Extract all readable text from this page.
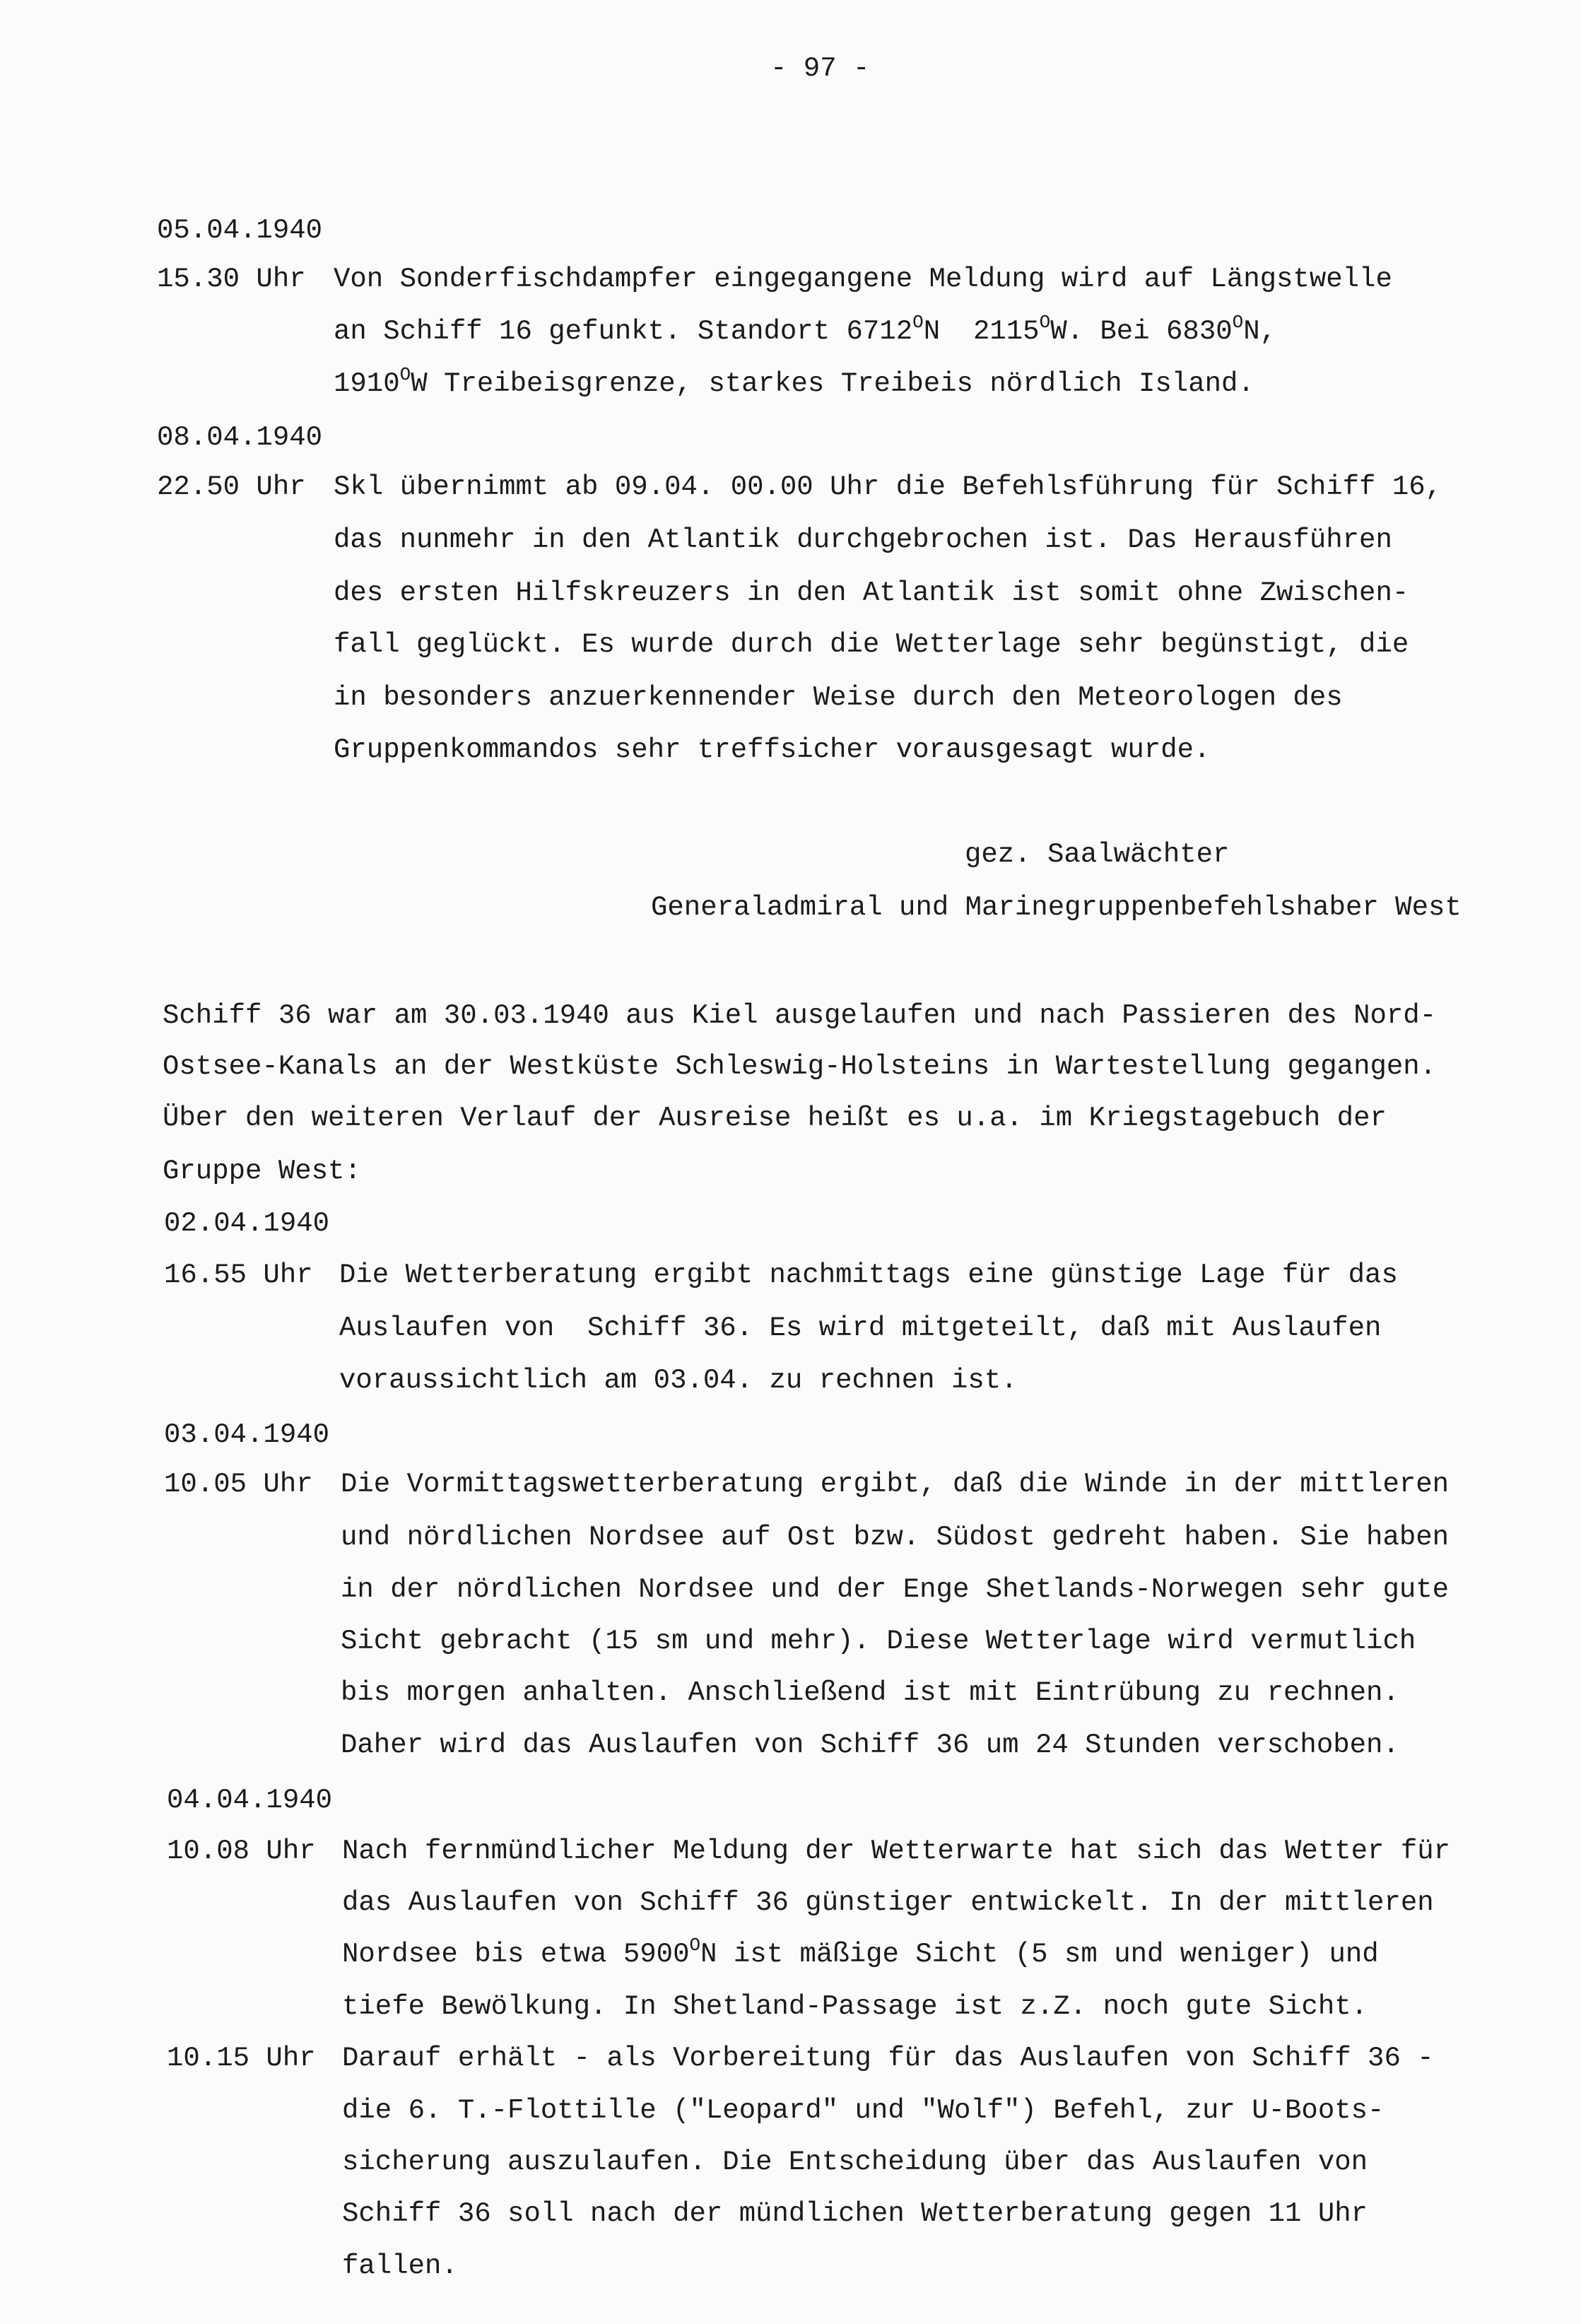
- 97 -
05.04.1940
15.30 Uhr Von Sonderfischdampfer eingegangene Meldung wird auf Längstwelle
an Schiff 16 gefunkt. Standort $6712^ON$  $2115^OW$. Bei $6830^ON$,
$1910^OW$ Treibeisgrenze, starkes Treibeis nördlich Island.
08.04.1940
22.50 Uhr Skl übernimmt ab 09.04. 00.00 Uhr die Befehlsführung für Schiff 16,
das nunmehr in den Atlantik durchgebrochen ist. Das Herausführen
des ersten Hilfskreuzers in den Atlantik ist somit ohne Zwischen-
fall geglückt. Es wurde durch die Wetterlage sehr begünstigt, die
in besonders anzuerkennender Weise durch den Meteorologen des
Gruppenkommandos sehr treffsicher vorausgesagt wurde.
gez. Saalwächter
Generaladmiral und Marinegruppenbefehlshaber West
Schiff 36 war am 30.03.1940 aus Kiel ausgelaufen und nach Passieren des Nord-
Ostsee-Kanals an der Westküste Schleswig-Holsteins in Wartestellung gegangen.
Über den weiteren Verlauf der Ausreise heißt es u.a. im Kriegstagebuch der
Gruppe West:
02.04.1940
16.55 Uhr Die Wetterberatung ergibt nachmittags eine günstige Lage für das
Auslaufen von  Schiff 36. Es wird mitgeteilt, daß mit Auslaufen
voraussichtlich am 03.04. zu rechnen ist.
03.04.1940
10.05 Uhr Die Vormittagswetterberatung ergibt, daß die Winde in der mittleren
und nördlichen Nordsee auf Ost bzw. Südost gedreht haben. Sie haben
in der nördlichen Nordsee und der Enge Shetlands-Norwegen sehr gute
Sicht gebracht (15 sm und mehr). Diese Wetterlage wird vermutlich
bis morgen anhalten. Anschließend ist mit Eintrübung zu rechnen.
Daher wird das Auslaufen von Schiff 36 um 24 Stunden verschoben.
04.04.1940
10.08 Uhr Nach fernmündlicher Meldung der Wetterwarte hat sich das Wetter für
das Auslaufen von Schiff 36 günstiger entwickelt. In der mittleren
Nordsee bis etwa $5900^ON$ ist mäßige Sicht (5 sm und weniger) und
tiefe Bewölkung. In Shetland-Passage ist z.Z. noch gute Sicht.
10.15 Uhr Darauf erhält - als Vorbereitung für das Auslaufen von Schiff 36 -
die 6. T.-Flottille ("Leopard" und "Wolf") Befehl, zur U-Boots-
sicherung auszulaufen. Die Entscheidung über das Auslaufen von
Schiff 36 soll nach der mündlichen Wetterberatung gegen 11 Uhr
fallen.
